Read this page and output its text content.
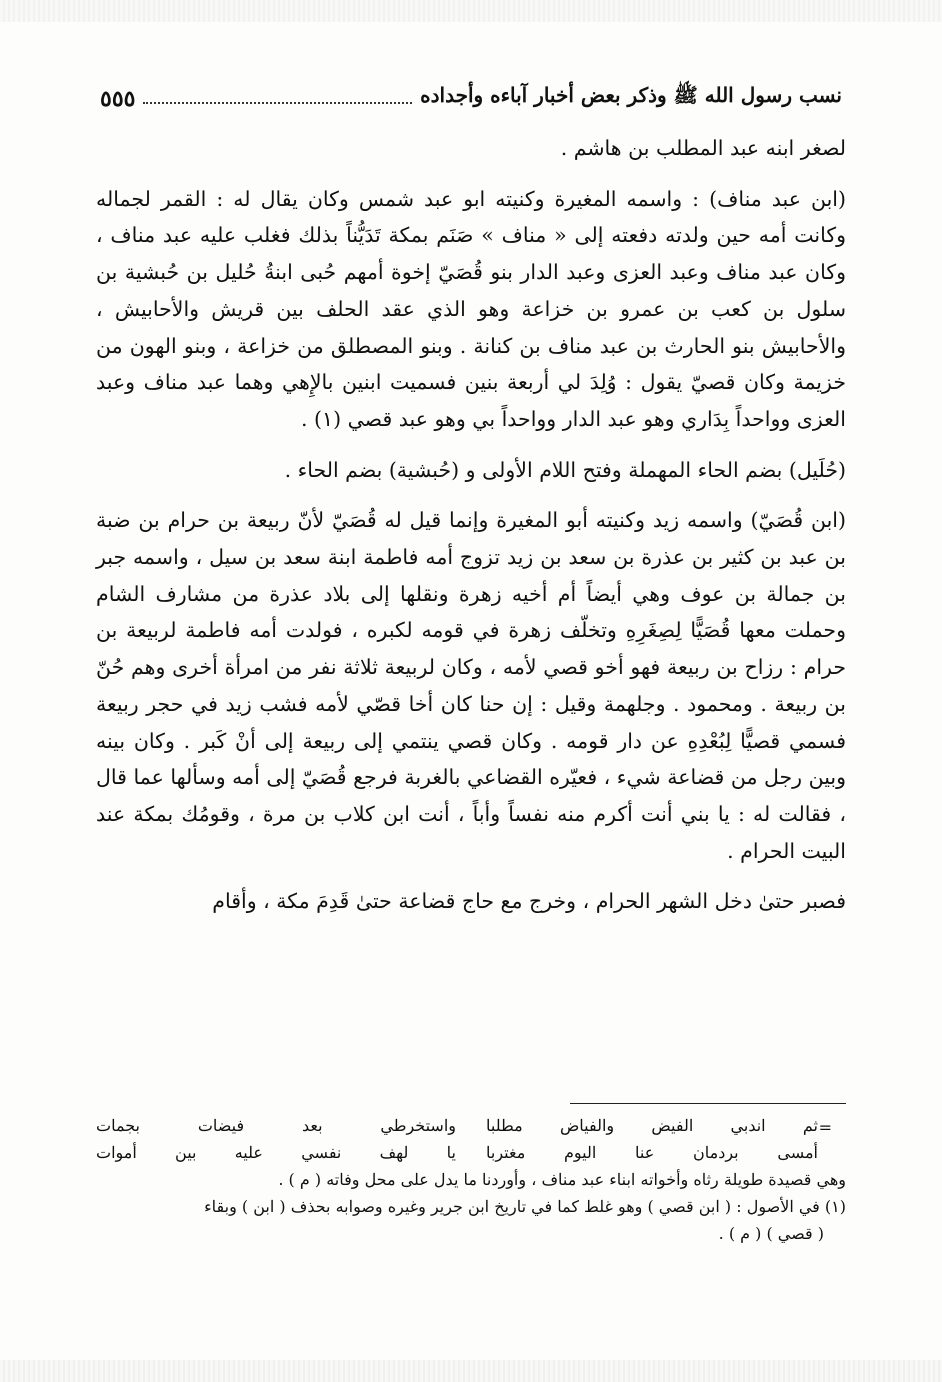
نسب رسول الله ﷺ وذكر بعض أخبار آباءه وأجداده
٥٥٥

لصغر ابنه عبد المطلب بن هاشم .

(ابن عبد مناف) : واسمه المغيرة وكنيته ابو عبد شمس وكان يقال له : القمر لجماله وكانت أمه حين ولدته دفعته إلى « مناف » صَنَم بمكة تَدَيُّناً بذلك فغلب عليه عبد مناف ، وكان عبد مناف وعبد العزى وعبد الدار بنو قُصَيّ إخوة أمهم حُبى ابنةُ حُليل بن حُبشية بن سلول بن كعب بن عمرو بن خزاعة وهو الذي عقد الحلف بين قريش والأحابيش ، والأحابيش بنو الحارث بن عبد مناف بن كنانة . وبنو المصطلق من خزاعة ، وبنو الهون من خزيمة وكان قصيّ يقول : وُلِدَ لي أربعة بنين فسميت ابنين بالإِهي وهما عبد مناف وعبد العزى وواحداً بِدَاري وهو عبد الدار وواحداً بي وهو عبد قصي (١) .

(حُلَيل) بضم الحاء المهملة وفتح اللام الأولى و (حُبشية) بضم الحاء .

(ابن قُصَيّ) واسمه زيد وكنيته أبو المغيرة وإنما قيل له قُصَيّ لأنّ ربيعة بن حرام بن ضبة بن عبد بن كثير بن عذرة بن سعد بن زيد تزوج أمه فاطمة ابنة سعد بن سيل ، واسمه جبر بن جمالة بن عوف وهي أيضاً أم أخيه زهرة ونقلها إلى بلاد عذرة من مشارف الشام وحملت معها قُصَيًّا لِصِغَرِهِ وتخلّف زهرة في قومه لكبره ، فولدت أمه فاطمة لربيعة بن حرام : رزاح بن ربيعة فهو أخو قصي لأمه ، وكان لربيعة ثلاثة نفر من امرأة أخرى وهم حُنّ بن ربيعة . ومحمود . وجلهمة وقيل : إن حنا كان أخا قصّي لأمه فشب زيد في حجر ربيعة فسمي قصيًّا لِبُعْدِهِ عن دار قومه . وكان قصي ينتمي إلى ربيعة إلى أنْ كَبر . وكان بينه وبين رجل من قضاعة شيء ، فعيّره القضاعي بالغربة فرجع قُصَيّ إلى أمه وسألها عما قال ، فقالت له : يا بني أنت أكرم منه نفساً وأباً ، أنت ابن كلاب بن مرة ، وقومُك بمكة عند البيت الحرام .

فصبر حتىٰ دخل الشهر الحرام ، وخرج مع حاج قضاعة حتىٰ قَدِمَ مكة ، وأقام

ثم اندبي الفيض والفياض مطلبا
واستخرطي بعد فيضات بجمات
أمسى بردمان عنا اليوم مغتربا
يا لهف نفسي عليه بين أموات

وهي قصيدة طويلة رثاه وأخواته ابناء عبد مناف ، وأوردنا ما يدل على محل وفاته ( م ) .

(١) في الأصول : ( ابن قصي ) وهو غلط كما في تاريخ ابن جرير وغيره وصوابه بحذف ( ابن ) وبقاء

( قصي ) ( م ) .

=
